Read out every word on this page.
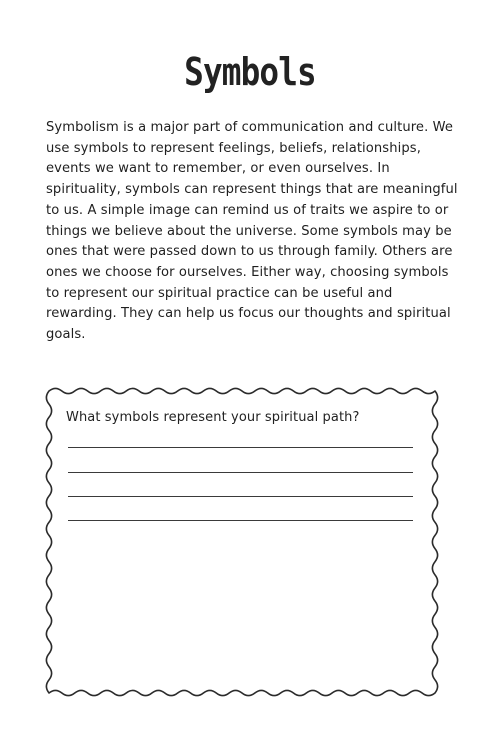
Symbols
Symbolism is a major part of communication and culture. We use symbols to represent feelings, beliefs, relationships, events we want to remember, or even ourselves. In spirituality, symbols can represent things that are meaningful to us. A simple image can remind us of traits we aspire to or things we believe about the universe. Some symbols may be ones that were passed down to us through family. Others are ones we choose for ourselves. Either way, choosing symbols to represent our spiritual practice can be useful and rewarding. They can help us focus our thoughts and spiritual goals.
What symbols represent your spiritual path?
